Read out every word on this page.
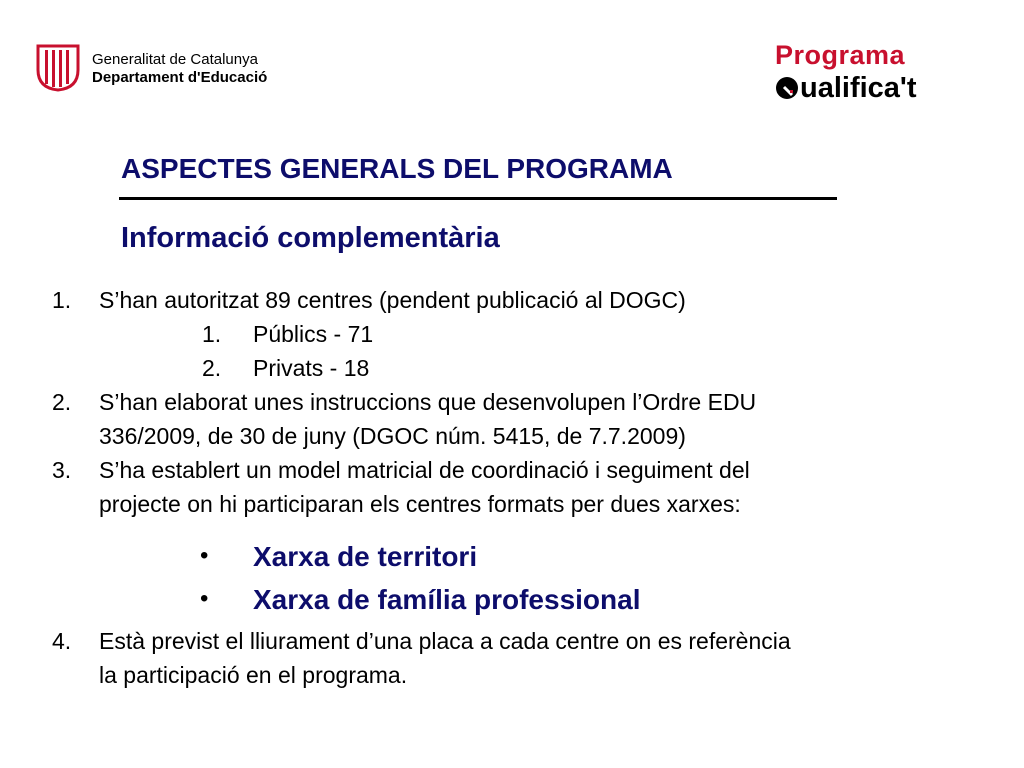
Generalitat de Catalunya
Departament d'Educació
Programa
ualifica't
ASPECTES GENERALS DEL PROGRAMA
Informació complementària
1. S’han autoritzat 89 centres (pendent publicació al DOGC)
1. Públics - 71
2. Privats - 18
2. S’han elaborat unes instruccions que desenvolupen l’Ordre EDU
336/2009, de 30 de juny (DGOC núm. 5415, de 7.7.2009)
3. S’ha establert un model matricial de coordinació i seguiment del
projecte on hi participaran els centres formats per dues xarxes:
• Xarxa de territori
• Xarxa de família professional
4. Està previst el lliurament d’una placa a cada centre on es referència
la participació en el programa.
